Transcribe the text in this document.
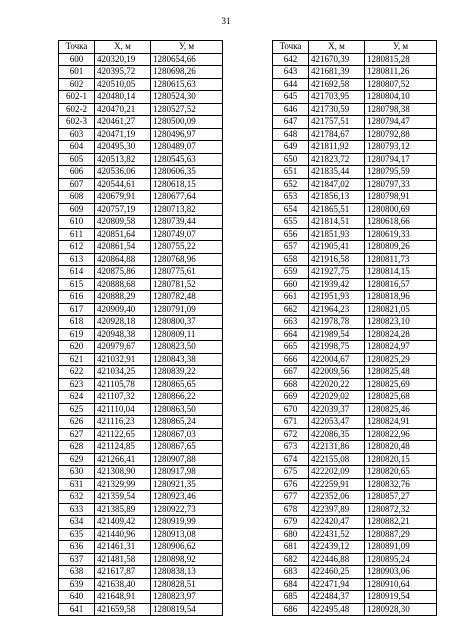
31
Точка	X, м	У, м
600	420320,19	1280654,66
601	420395,72	1280698,26
602	420510,05	1280615,63
602-1	420480,14	1280524,30
602-2	420470,21	1280527,52
602-3	420461,27	1280500,09
603	420471,19	1280496,97
604	420495,30	1280489,07
605	420513,82	1280545,63
606	420536,06	1280606,35
607	420544,61	1280618,15
608	420679,91	1280677,64
609	420757,19	1280713,82
610	420809,58	1280739,44
611	420851,64	1280749,07
612	420861,54	1280755,22
613	420864,88	1280768,96
614	420875,86	1280775,61
615	420888,68	1280781,52
616	420888,29	1280782,48
617	420909,40	1280791,09
618	420928,18	1280800,37
619	420948,38	1280809,11
620	420979,67	1280823,50
621	421032,91	1280843,38
622	421034,25	1280839,22
623	421105,78	1280865,65
624	421107,32	1280866,22
625	421110,04	1280863,50
626	421116,23	1280865,24
627	421122,65	1280867,03
628	421124,85	1280867,65
629	421266,41	1280907,88
630	421308,90	1280917,98
631	421329,99	1280921,35
632	421359,54	1280923,46
633	421385,89	1280922,73
634	421409,42	1280919,99
635	421440,96	1280913,08
636	421461,31	1280906,62
637	421481,58	1280898,92
638	421617,87	1280838,13
639	421638,40	1280828,51
640	421648,91	1280823,97
641	421659,58	1280819,54
Точка	X, м	У, м
642	421670,39	1280815,28
643	421681,39	1280811,26
644	421692,58	1280807,52
645	421703,95	1280804,10
646	421730,59	1280798,38
647	421757,51	1280794,47
648	421784,67	1280792,88
649	421811,92	1280793,12
650	421823,72	1280794,17
651	421835,44	1280795,59
652	421847,02	1280797,33
653	421856,13	1280798,91
654	421865,51	1280800,69
655	421814,51	1280618,66
656	421851,93	1280619,33
657	421905,41	1280809,26
658	421916,58	1280811,73
659	421927,75	1280814,15
660	421939,42	1280816,57
661	421951,93	1280818,96
662	421964,23	1280821,05
663	421978,78	1280823,10
664	421989,54	1280824,28
665	421998,75	1280824,97
666	422004,67	1280825,29
667	422009,56	1280825,48
668	422020,22	1280825,69
669	422029,02	1280825,68
670	422039,37	1280825,46
671	422053,47	1280824,91
672	422086,35	1280822,96
673	422131,86	1280820,48
674	422155,08	1280820,15
675	422202,09	1280820,65
676	422259,91	1280832,76
677	422352,06	1280857,27
678	422397,89	1280872,32
679	422420,47	1280882,21
680	422431,52	1280887,29
681	422439,12	1280891,09
682	422446,88	1280895,24
683	422460,25	1280903,06
684	422471,94	1280910,64
685	422484,37	1280919,54
686	422495,48	1280928,30
